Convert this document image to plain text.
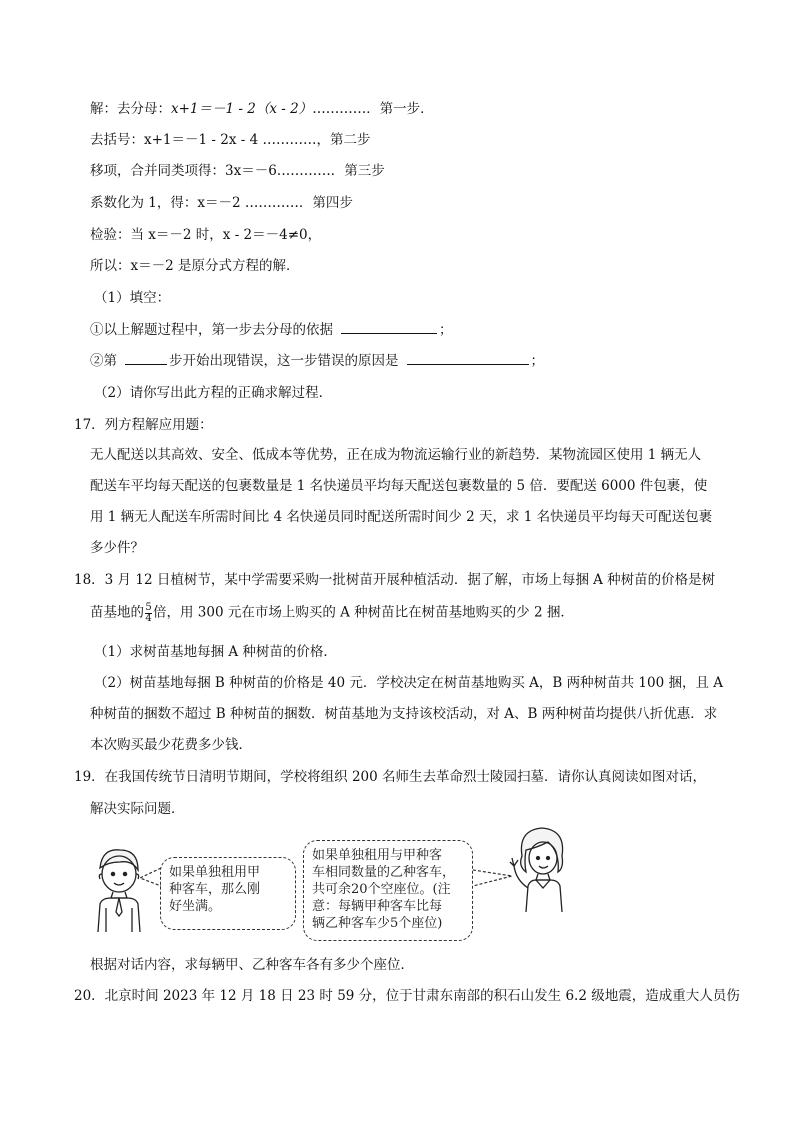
解：去分母：x+1＝－1 - 2（x - 2）…………．第一步．
去括号：x+1＝－1 - 2x - 4 …………，第二步
移项，合并同类项得：3x＝－6…………．第三步
系数化为 1，得：x＝－2 …………．第四步
检验：当 x＝－2 时，x - 2＝－4≠0，
所以：x＝－2 是原分式方程的解．
（1）填空：
①以上解题过程中，第一步去分母的依据	；
②第	步开始出现错误，这一步错误的原因是	；
（2）请你写出此方程的正确求解过程．
17．列方程解应用题：
无人配送以其高效、安全、低成本等优势，正在成为物流运输行业的新趋势．某物流园区使用 1 辆无人
配送车平均每天配送的包裹数量是 1 名快递员平均每天配送包裹数量的 5 倍．要配送 6000 件包裹，使
用 1 辆无人配送车所需时间比 4 名快递员同时配送所需时间少 2 天，求 1 名快递员平均每天可配送包裹
多少件？
18．3 月 12 日植树节，某中学需要采购一批树苗开展种植活动．据了解，市场上每捆 A 种树苗的价格是树
苗基地的 $\frac{5}{4}$ 倍，用 300 元在市场上购买的 A 种树苗比在树苗基地购买的少 2 捆．
（1）求树苗基地每捆 A 种树苗的价格．
（2）树苗基地每捆 B 种树苗的价格是 40 元．学校决定在树苗基地购买 A，B 两种树苗共 100 捆，且 A
种树苗的捆数不超过 B 种树苗的捆数．树苗基地为支持该校活动，对 A、B 两种树苗均提供八折优惠．求
本次购买最少花费多少钱．
19．在我国传统节日清明节期间，学校将组织 200 名师生去革命烈士陵园扫墓．请你认真阅读如图对话，
解决实际问题．

如果单独租用甲

种客车，那么刚

好坐满。

如果单独租用与甲种客

车相同数量的乙种客车，

共可余20个空座位。(注

意：每辆甲种客车比每

辆乙种客车少5个座位)

根据对话内容，求每辆甲、乙种客车各有多少个座位．
20．北京时间 2023 年 12 月 18 日 23 时 59 分，位于甘肃东南部的积石山发生 6.2 级地震，造成重大人员伤
